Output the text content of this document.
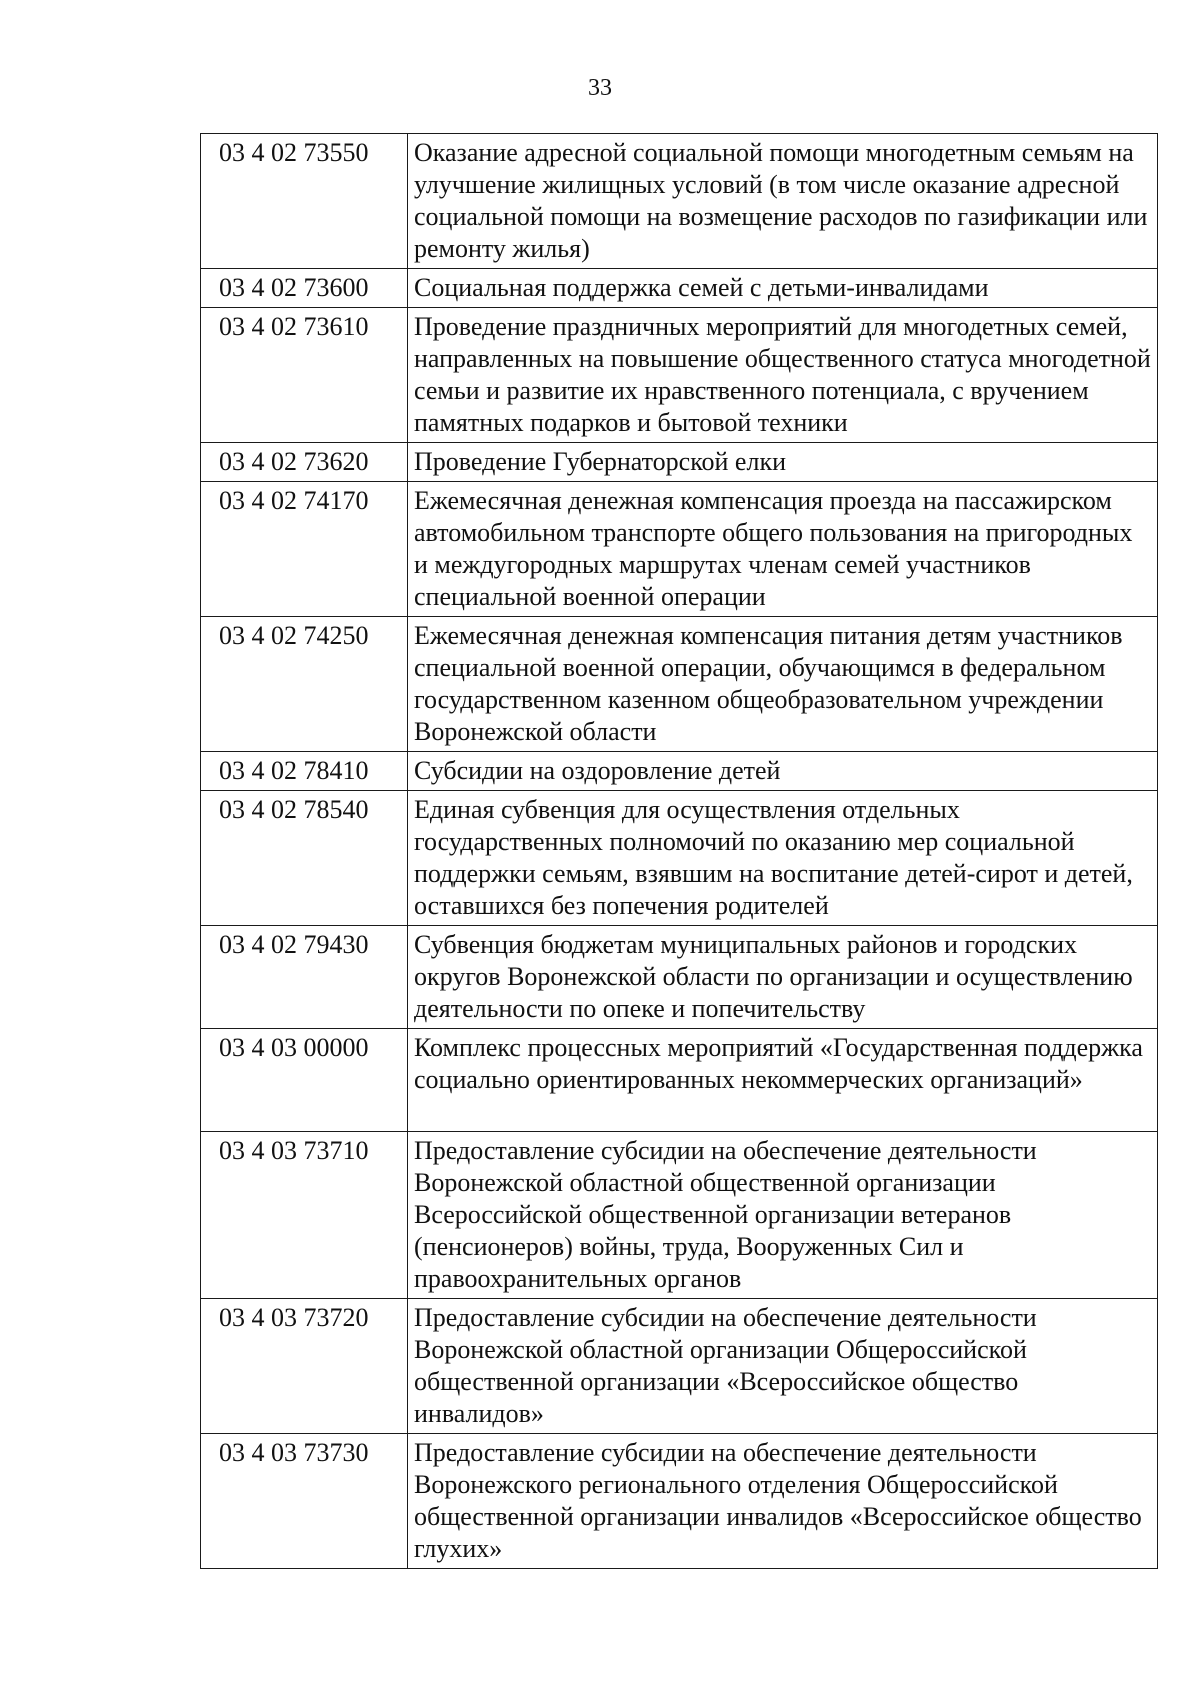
33
03 4 02 73550	Оказание адресной социальной помощи многодетным семьям на улучшение жилищных условий (в том числе оказание адресной социальной помощи на возмещение расходов по газификации или ремонту жилья)
03 4 02 73600	Социальная поддержка семей с детьми-инвалидами
03 4 02 73610	Проведение праздничных мероприятий для многодетных семей, направленных на повышение общественного статуса многодетной семьи и развитие их нравственного потенциала, с вручением памятных подарков и бытовой техники
03 4 02 73620	Проведение Губернаторской елки
03 4 02 74170	Ежемесячная денежная компенсация проезда на пассажирском автомобильном транспорте общего пользования на пригородных и междугородных маршрутах членам семей участников специальной военной операции
03 4 02 74250	Ежемесячная денежная компенсация питания детям участников специальной военной операции, обучающимся в федеральном государственном казенном общеобразовательном учреждении Воронежской области
03 4 02 78410	Субсидии на оздоровление детей
03 4 02 78540	Единая субвенция для осуществления отдельных государственных полномочий по оказанию мер социальной поддержки семьям, взявшим на воспитание детей-сирот и детей, оставшихся без попечения родителей
03 4 02 79430	Субвенция бюджетам муниципальных районов и городских округов Воронежской области по организации и осуществлению деятельности по опеке и попечительству
03 4 03 00000	Комплекс процессных мероприятий «Государственная поддержка социально ориентированных некоммерческих организаций»
03 4 03 73710	Предоставление субсидии на обеспечение деятельности Воронежской областной общественной организации Всероссийской общественной организации ветеранов (пенсионеров) войны, труда, Вооруженных Сил и правоохранительных органов
03 4 03 73720	Предоставление субсидии на обеспечение деятельности Воронежской областной организации Общероссийской общественной организации «Всероссийское общество инвалидов»
03 4 03 73730	Предоставление субсидии на обеспечение деятельности Воронежского регионального отделения Общероссийской общественной организации инвалидов «Всероссийское общество глухих»
